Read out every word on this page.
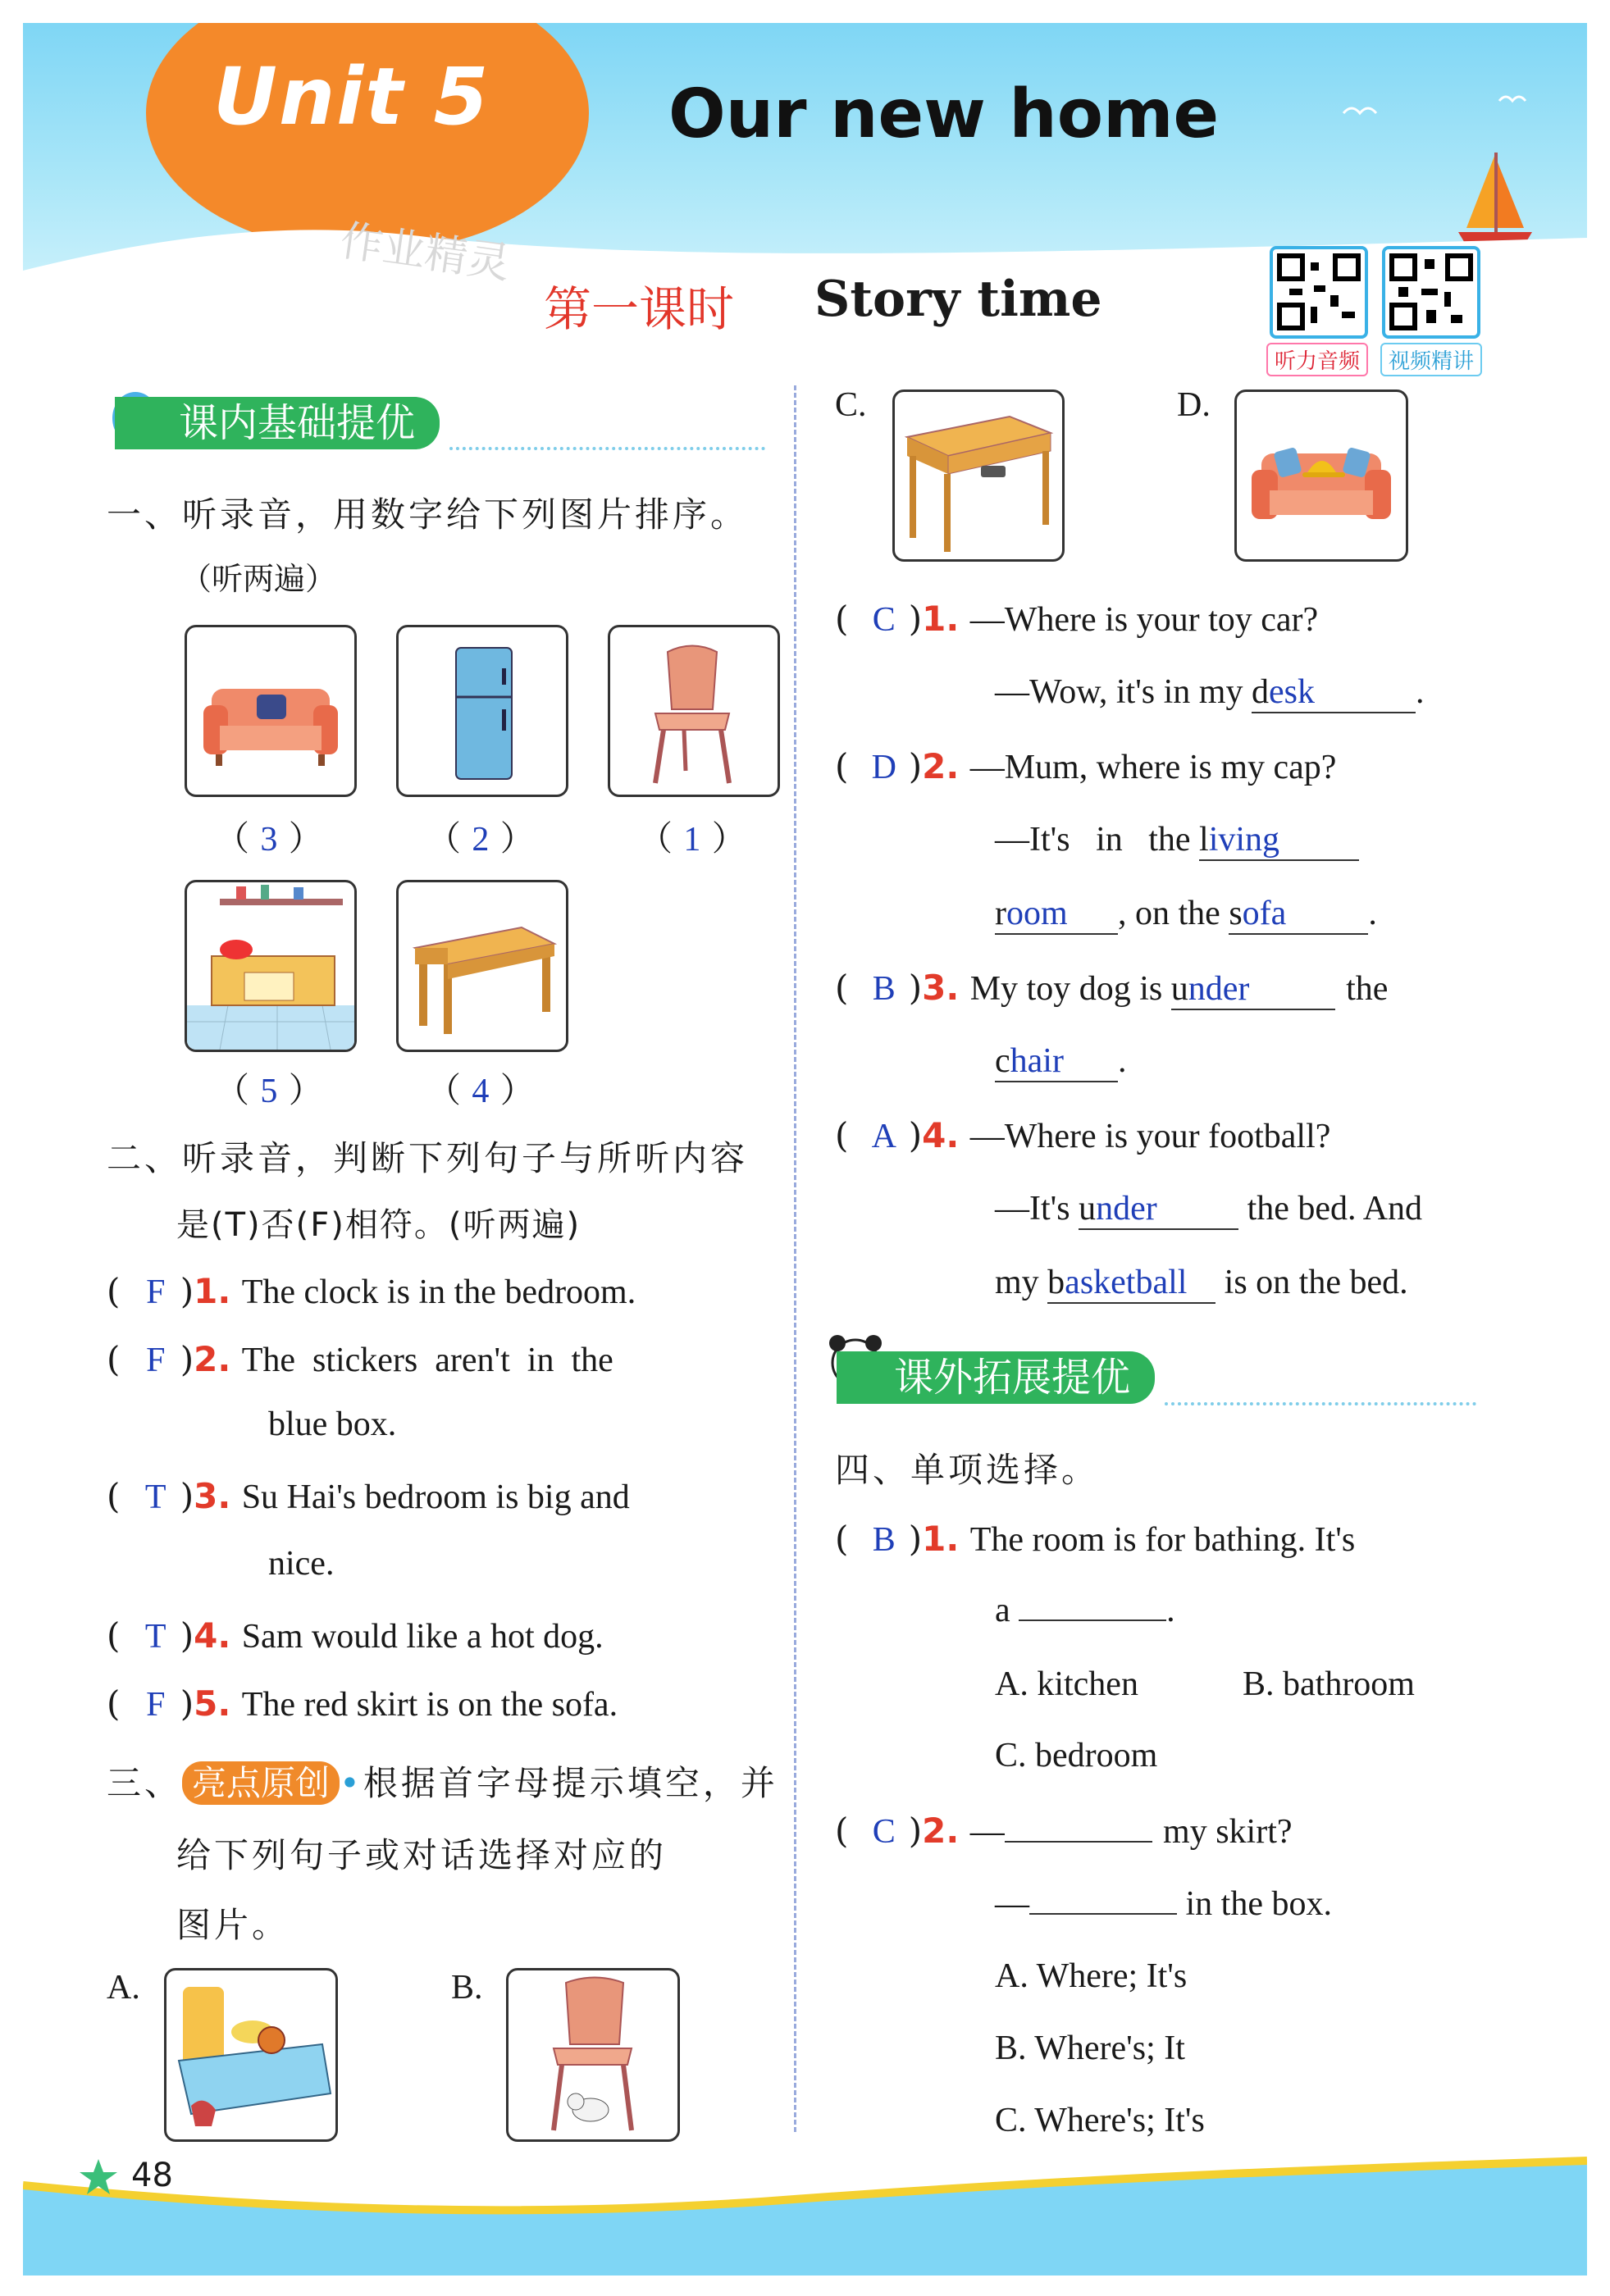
Unit 5	Our new home
作业精灵
第一课时 Story time
听力音频	视频精讲
课内基础提优
一、听录音，用数字给下列图片排序。
（听两遍）
（ 3 ）	（ 2 ）	（ 1 ）
（ 5 ）	（ 4 ）
二、听录音，判断下列句子与所听内容
是(T)否(F)相符。(听两遍)
( F )1. The clock is in the bedroom.
( F )2. The  stickers  aren't  in  the
blue box.
( T )3. Su Hai's bedroom is big and
nice.
( T )4. Sam would like a hot dog.
( F )5. The red skirt is on the sofa.
三、 亮点原创 •根据首字母提示填空，并
给下列句子或对话选择对应的
图片。
A.	B.
C.	D.
( C )1. —Where is your toy car?
—Wow, it's in my desk	.
( D )2. —Mum, where is my cap?
—It's   in   the living
room , on the sofa .
( B )3. My toy dog is under	the
chair .
( A )4. —Where is your football?
—It's under	the bed. And
my basketball is on the bed.
课外拓展提优
四、单项选择。
( B )1. The room is for bathing. It's
a	.
A. kitchen	B. bathroom
C. bedroom
( C )2. —	my skirt?
—	in the box.
A. Where; It's
B. Where's; It
C. Where's; It's
48
